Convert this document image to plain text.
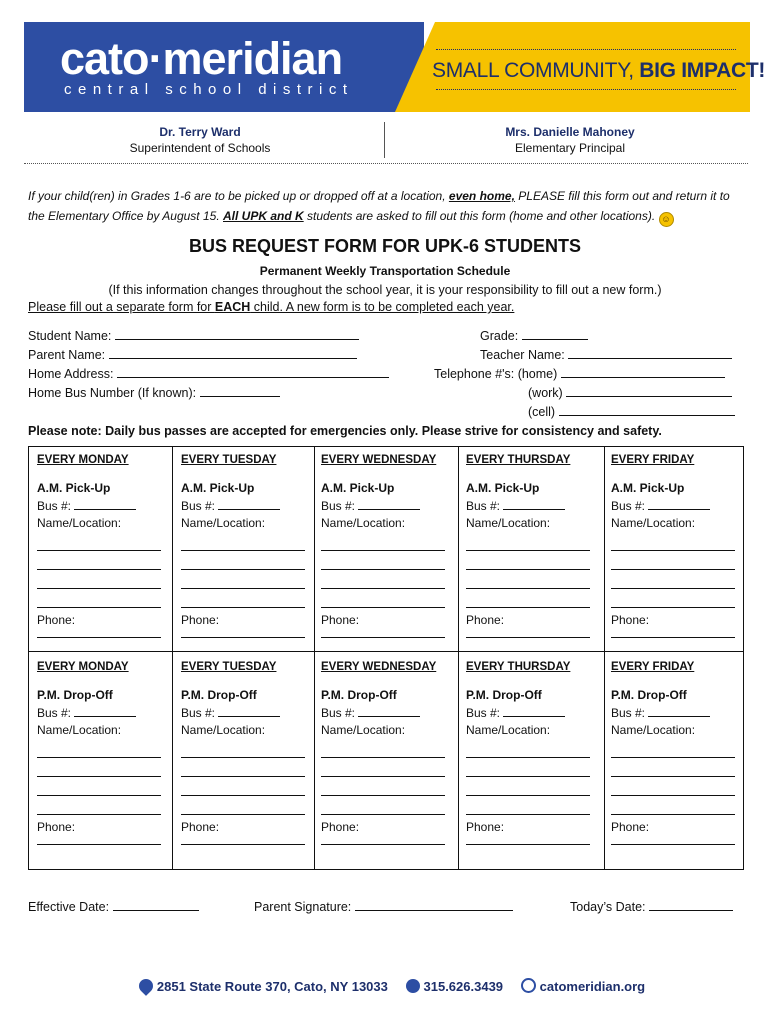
cato·meridian
central school district
SMALL COMMUNITY, BIG IMPACT!
Dr. Terry Ward
Superintendent of Schools
Mrs. Danielle Mahoney
Elementary Principal
If your child(ren) in Grades 1-6 are to be picked up or dropped off at a location, even home, PLEASE fill this form out and return it to the Elementary Office by August 15. All UPK and K students are asked to fill out this form (home and other locations). ☺
BUS REQUEST FORM FOR UPK-6 STUDENTS
Permanent Weekly Transportation Schedule
(If this information changes throughout the school year, it is your responsibility to fill out a new form.)
Please fill out a separate form for EACH child. A new form is to be completed each year.
Student Name:
Parent Name:
Home Address:
Home Bus Number (If known):
Grade:
Teacher Name:
Telephone #'s: (home)
(work)
(cell)
Please note: Daily bus passes are accepted for emergencies only. Please strive for consistency and safety.
EVERY MONDAY
A.M. Pick-Up
Bus #:
Name/Location:
Phone:
EVERY TUESDAY
A.M. Pick-Up
Bus #:
Name/Location:
Phone:
EVERY WEDNESDAY
A.M. Pick-Up
Bus #:
Name/Location:
Phone:
EVERY THURSDAY
A.M. Pick-Up
Bus #:
Name/Location:
Phone:
EVERY FRIDAY
A.M. Pick-Up
Bus #:
Name/Location:
Phone:
EVERY MONDAY
P.M. Drop-Off
Bus #:
Name/Location:
Phone:
EVERY TUESDAY
P.M. Drop-Off
Bus #:
Name/Location:
Phone:
EVERY WEDNESDAY
P.M. Drop-Off
Bus #:
Name/Location:
Phone:
EVERY THURSDAY
P.M. Drop-Off
Bus #:
Name/Location:
Phone:
EVERY FRIDAY
P.M. Drop-Off
Bus #:
Name/Location:
Phone:
Effective Date:	Parent Signature:	Today’s Date:
2851 State Route 370, Cato, NY 13033	315.626.3439	catomeridian.org
